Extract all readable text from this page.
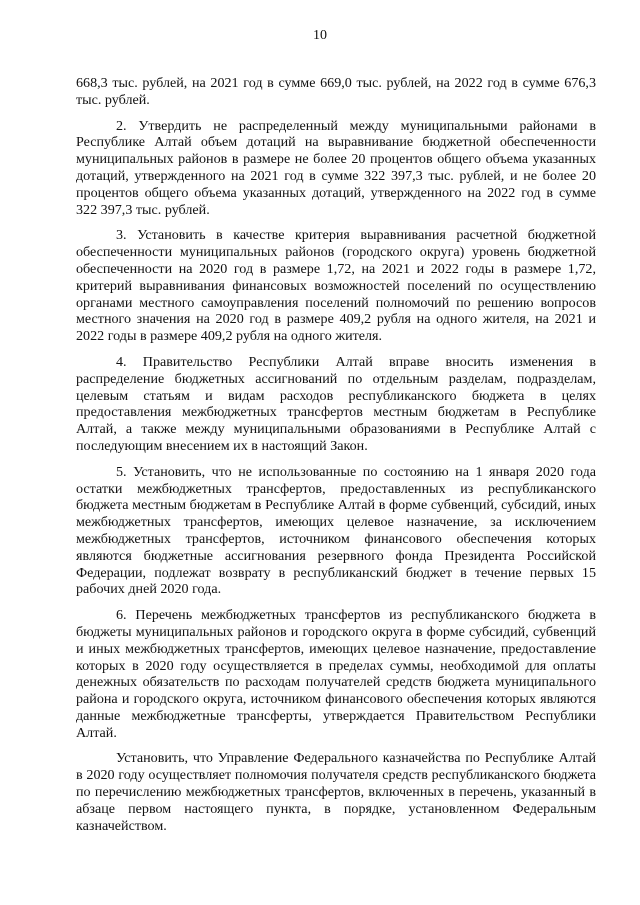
10

668,3 тыс. рублей, на 2021 год в сумме 669,0 тыс. рублей, на 2022 год в сумме 676,3 тыс. рублей.

2. Утвердить не распределенный между муниципальными районами в Республике Алтай объем дотаций на выравнивание бюджетной обеспеченности муниципальных районов в размере не более 20 процентов общего объема указанных дотаций, утвержденного на 2021 год в сумме 322 397,3 тыс. рублей, и не более 20 процентов общего объема указанных дотаций, утвержденного на 2022 год в сумме 322 397,3 тыс. рублей.

3. Установить в качестве критерия выравнивания расчетной бюджетной обеспеченности муниципальных районов (городского округа) уровень бюджетной обеспеченности на 2020 год в размере 1,72, на 2021 и 2022 годы в размере 1,72, критерий выравнивания финансовых возможностей поселений по осуществлению органами местного самоуправления поселений полномочий по решению вопросов местного значения на 2020 год в размере 409,2 рубля на одного жителя, на 2021 и 2022 годы в размере 409,2 рубля на одного жителя.

4. Правительство Республики Алтай вправе вносить изменения в распределение бюджетных ассигнований по отдельным разделам, подразделам, целевым статьям и видам расходов республиканского бюджета в целях предоставления межбюджетных трансфертов местным бюджетам в Республике Алтай, а также между муниципальными образованиями в Республике Алтай с последующим внесением их в настоящий Закон.

5. Установить, что не использованные по состоянию на 1 января 2020 года остатки межбюджетных трансфертов, предоставленных из республиканского бюджета местным бюджетам в Республике Алтай в форме субвенций, субсидий, иных межбюджетных трансфертов, имеющих целевое назначение, за исключением межбюджетных трансфертов, источником финансового обеспечения которых являются бюджетные ассигнования резервного фонда Президента Российской Федерации, подлежат возврату в республиканский бюджет в течение первых 15 рабочих дней 2020 года.

6. Перечень межбюджетных трансфертов из республиканского бюджета в бюджеты муниципальных районов и городского округа в форме субсидий, субвенций и иных межбюджетных трансфертов, имеющих целевое назначение, предоставление которых в 2020 году осуществляется в пределах суммы, необходимой для оплаты денежных обязательств по расходам получателей средств бюджета муниципального района и городского округа, источником финансового обеспечения которых являются данные межбюджетные трансферты, утверждается Правительством Республики Алтай.

Установить, что Управление Федерального казначейства по Республике Алтай в 2020 году осуществляет полномочия получателя средств республиканского бюджета по перечислению межбюджетных трансфертов, включенных в перечень, указанный в абзаце первом настоящего пункта, в порядке, установленном Федеральным казначейством.
